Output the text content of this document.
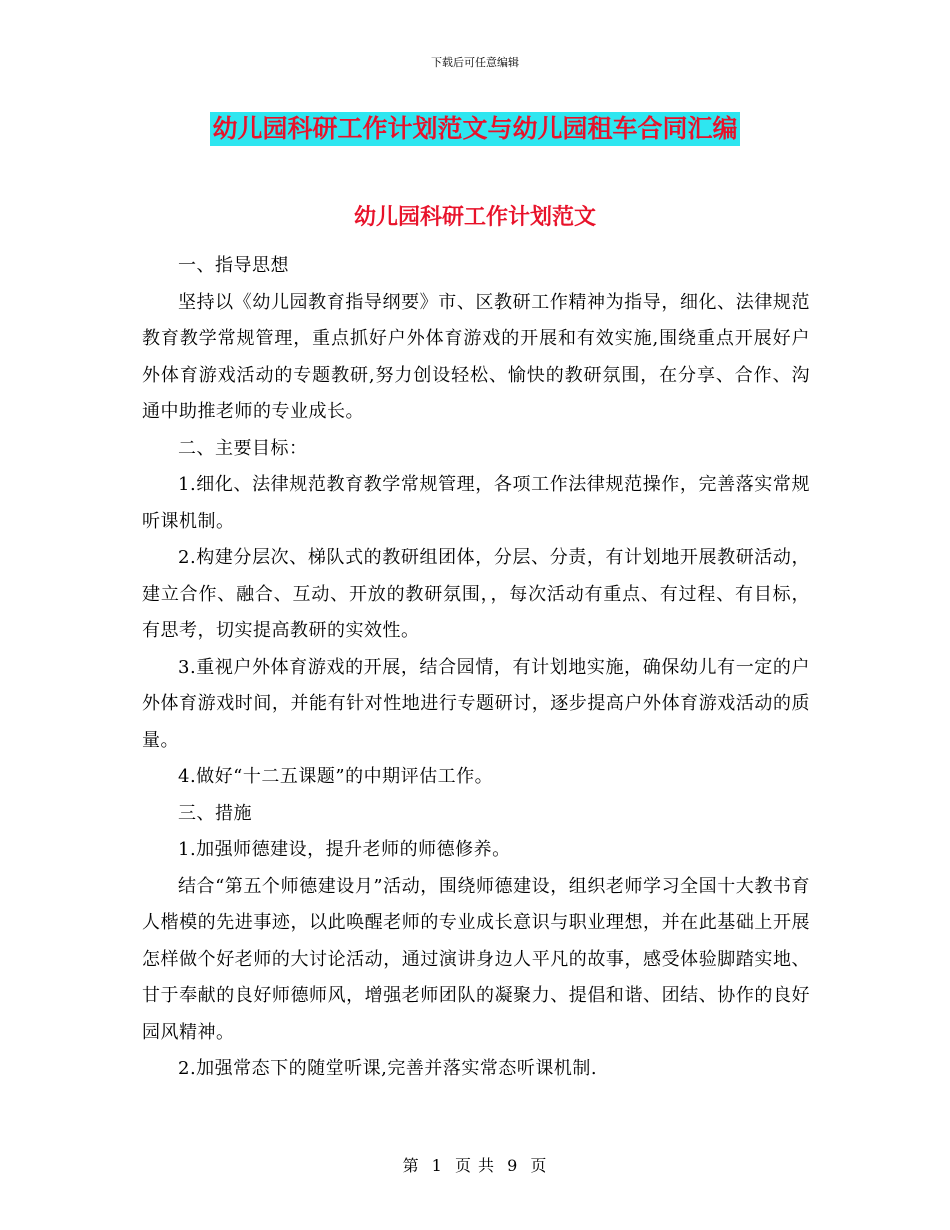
下载后可任意编辑
幼儿园科研工作计划范文与幼儿园租车合同汇编
幼儿园科研工作计划范文

一、指导思想

坚持以《幼儿园教育指导纲要》市、区教研工作精神为指导，细化、法律规范教育教学常规管理，重点抓好户外体育游戏的开展和有效实施,围绕重点开展好户外体育游戏活动的专题教研,努力创设轻松、愉快的教研氛围，在分享、合作、沟通中助推老师的专业成长。

二、主要目标：

1.细化、法律规范教育教学常规管理，各项工作法律规范操作，完善落实常规听课机制。

2.构建分层次、梯队式的教研组团体，分层、分责，有计划地开展教研活动，建立合作、融合、互动、开放的教研氛围，，每次活动有重点、有过程、有目标，有思考，切实提高教研的实效性。

3.重视户外体育游戏的开展，结合园情，有计划地实施，确保幼儿有一定的户外体育游戏时间，并能有针对性地进行专题研讨，逐步提高户外体育游戏活动的质量。

4.做好“十二五课题”的中期评估工作。

三、措施

1.加强师德建设，提升老师的师德修养。

结合“第五个师德建设月”活动，围绕师德建设，组织老师学习全国十大教书育人楷模的先进事迹，以此唤醒老师的专业成长意识与职业理想，并在此基础上开展怎样做个好老师的大讨论活动，通过演讲身边人平凡的故事，感受体验脚踏实地、甘于奉献的良好师德师风，增强老师团队的凝聚力、提倡和谐、团结、协作的良好园风精神。

2.加强常态下的随堂听课,完善并落实常态听课机制.

第 1 页 共 9 页
